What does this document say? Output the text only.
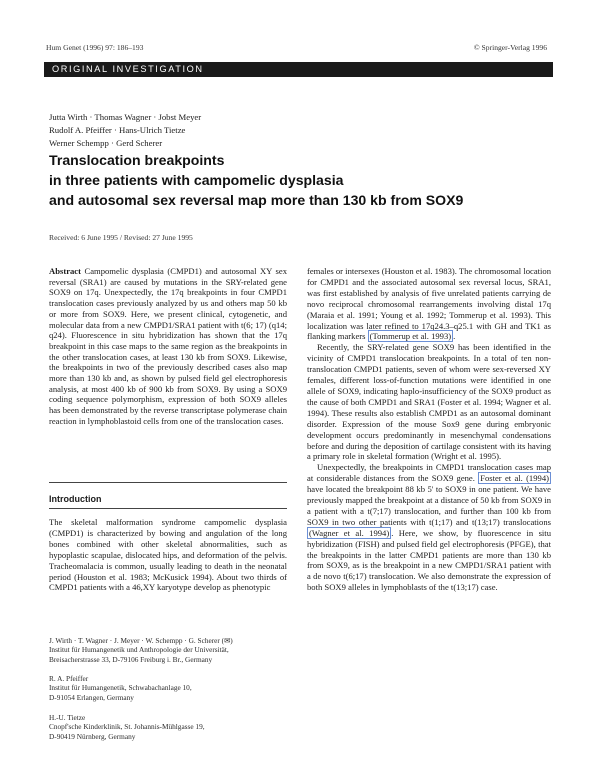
Hum Genet (1996) 97: 186–193	© Springer-Verlag 1996
ORIGINAL INVESTIGATION
Jutta Wirth · Thomas Wagner · Jobst Meyer
Rudolf A. Pfeiffer · Hans-Ulrich Tietze
Werner Schempp · Gerd Scherer
Translocation breakpoints
in three patients with campomelic dysplasia
and autosomal sex reversal map more than 130 kb from SOX9
Received: 6 June 1995 / Revised: 27 June 1995
Abstract Campomelic dysplasia (CMPD1) and autosomal XY sex reversal (SRA1) are caused by mutations in the SRY-related gene SOX9 on 17q. Unexpectedly, the 17q breakpoints in four CMPD1 translocation cases previously analyzed by us and others map 50 kb or more from SOX9. Here, we present clinical, cytogenetic, and molecular data from a new CMPD1/SRA1 patient with t(6; 17) (q14; q24). Fluorescence in situ hybridization has shown that the 17q breakpoint in this case maps to the same region as the breakpoints in the other translocation cases, at least 130 kb from SOX9. Likewise, the breakpoints in two of the previously described cases also map more than 130 kb and, as shown by pulsed field gel electrophoresis analysis, at most 400 kb of 900 kb from SOX9. By using a SOX9 coding sequence polymorphism, expression of both SOX9 alleles has been demonstrated by the reverse transcriptase polymerase chain reaction in lymphoblastoid cells from one of the translocation cases.
Introduction
The skeletal malformation syndrome campomelic dysplasia (CMPD1) is characterized by bowing and angulation of the long bones combined with other skeletal abnormalities, such as hypoplastic scapulae, dislocated hips, and deformation of the pelvis. Tracheomalacia is common, usually leading to death in the neonatal period (Houston et al. 1983; McKusick 1994). About two thirds of CMPD1 patients with a 46,XY karyotype develop as phenotypic
J. Wirth · T. Wagner · J. Meyer · W. Schempp · G. Scherer (✉)
Institut für Humangenetik und Anthropologie der Universität,
Breisacherstrasse 33, D-79106 Freiburg i. Br., Germany
R. A. Pfeiffer
Institut für Humangenetik, Schwabachanlage 10,
D-91054 Erlangen, Germany
H.-U. Tietze
Cnopf'sche Kinderklinik, St. Johannis-Mühlgasse 19,
D-90419 Nürnberg, Germany

females or intersexes (Houston et al. 1983). The chromosomal location for CMPD1 and the associated autosomal sex reversal locus, SRA1, was first established by analysis of five unrelated patients carrying de novo reciprocal chromosomal rearrangements involving distal 17q (Maraia et al. 1991; Young et al. 1992; Tommerup et al. 1993). This localization was later refined to 17q24.3–q25.1 with GH and TK1 as flanking markers (Tommerup et al. 1993) .

Recently, the SRY-related gene SOX9 has been identified in the vicinity of CMPD1 translocation breakpoints. In a total of ten non-translocation CMPD1 patients, seven of whom were sex-reversed XY females, different loss-of-function mutations were identified in one allele of SOX9, indicating haplo-insufficiency of the SOX9 product as the cause of both CMPD1 and SRA1 (Foster et al. 1994; Wagner et al. 1994). These results also establish CMPD1 as an autosomal dominant disorder. Expression of the mouse Sox9 gene during embryonic development occurs predominantly in mesenchymal condensations before and during the deposition of cartilage consistent with its having a primary role in skeletal formation (Wright et al. 1995).

Unexpectedly, the breakpoints in CMPD1 translocation cases map at considerable distances from the SOX9 gene. Foster et al. (1994) have located the breakpoint 88 kb 5' to SOX9 in one patient. We have previously mapped the breakpoint at a distance of 50 kb from SOX9 in a patient with a t(7;17) translocation, and further than 100 kb from SOX9 in two other patients with t(1;17) and t(13;17) translocations (Wagner et al. 1994) . Here, we show, by fluorescence in situ hybridization (FISH) and pulsed field gel electrophoresis (PFGE), that the breakpoints in the latter CMPD1 patients are more than 130 kb from SOX9, as is the breakpoint in a new CMPD1/SRA1 patient with a de novo t(6;17) translocation. We also demonstrate the expression of both SOX9 alleles in lymphoblasts of the t(13;17) case.
